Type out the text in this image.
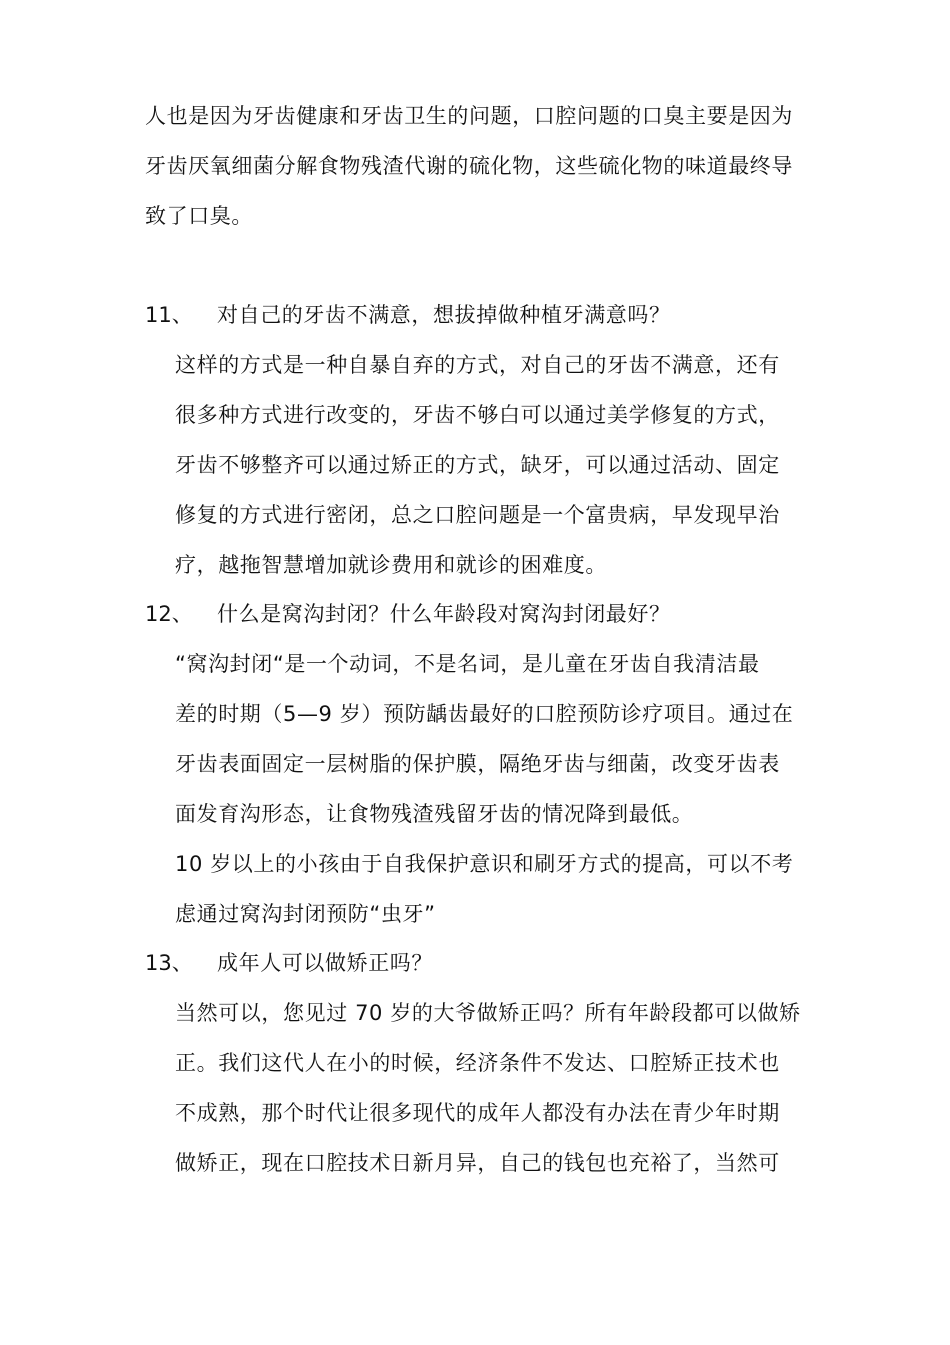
人也是因为牙齿健康和牙齿卫生的问题，口腔问题的口臭主要是因为
牙齿厌氧细菌分解食物残渣代谢的硫化物，这些硫化物的味道最终导
致了口臭。
11、 对自己的牙齿不满意，想拔掉做种植牙满意吗？
这样的方式是一种自暴自弃的方式，对自己的牙齿不满意，还有
很多种方式进行改变的，牙齿不够白可以通过美学修复的方式，
牙齿不够整齐可以通过矫正的方式，缺牙，可以通过活动、固定
修复的方式进行密闭，总之口腔问题是一个富贵病，早发现早治
疗，越拖智慧增加就诊费用和就诊的困难度。
12、 什么是窝沟封闭？什么年龄段对窝沟封闭最好？
“窝沟封闭“是一个动词，不是名词，是儿童在牙齿自我清洁最
差的时期（5—9 岁）预防龋齿最好的口腔预防诊疗项目。通过在
牙齿表面固定一层树脂的保护膜，隔绝牙齿与细菌，改变牙齿表
面发育沟形态，让食物残渣残留牙齿的情况降到最低。
10 岁以上的小孩由于自我保护意识和刷牙方式的提高，可以不考
虑通过窝沟封闭预防“虫牙”
13、 成年人可以做矫正吗？
当然可以，您见过 70 岁的大爷做矫正吗？所有年龄段都可以做矫
正。我们这代人在小的时候，经济条件不发达、口腔矫正技术也
不成熟，那个时代让很多现代的成年人都没有办法在青少年时期
做矫正，现在口腔技术日新月异，自己的钱包也充裕了，当然可
